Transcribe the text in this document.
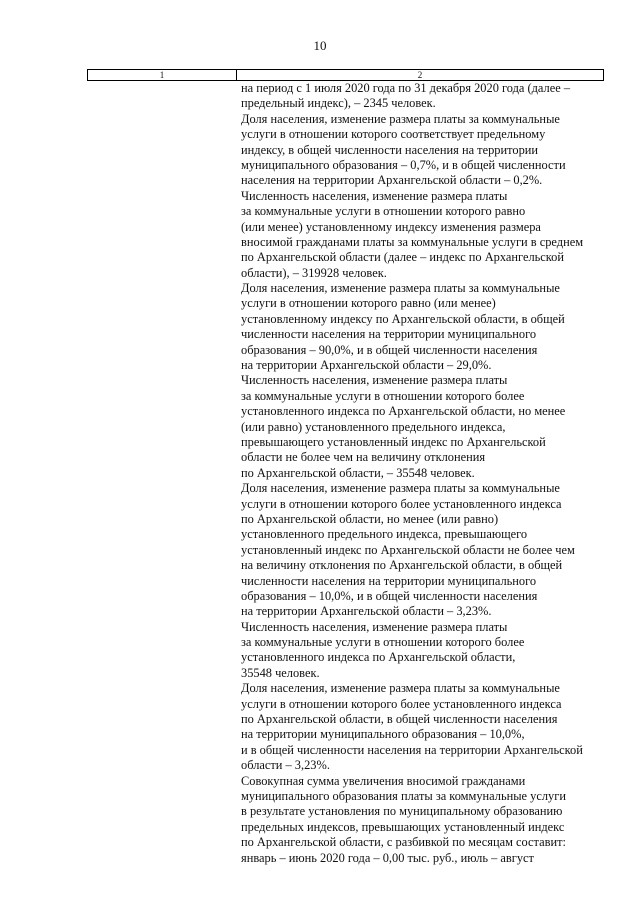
10
1	2
на период с 1 июля 2020 года по 31 декабря 2020 года (далее –
предельный индекс), – 2345 человек.
Доля населения, изменение размера платы за коммунальные
услуги в отношении которого соответствует предельному
индексу, в общей численности населения на территории
муниципального образования – 0,7%, и в общей численности
населения на территории Архангельской области – 0,2%.
Численность населения, изменение размера платы
за коммунальные услуги в отношении которого равно
(или менее) установленному индексу изменения размера
вносимой гражданами платы за коммунальные услуги в среднем
по Архангельской области (далее – индекс по Архангельской
области), – 319928 человек.
Доля населения, изменение размера платы за коммунальные
услуги в отношении которого равно (или менее)
установленному индексу по Архангельской области, в общей
численности населения на территории муниципального
образования – 90,0%, и в общей численности населения
на территории Архангельской области – 29,0%.
Численность населения, изменение размера платы
за коммунальные услуги в отношении которого более
установленного индекса по Архангельской области, но менее
(или равно) установленного предельного индекса,
превышающего установленный индекс по Архангельской
области не более чем на величину отклонения
по Архангельской области, – 35548 человек.
Доля населения, изменение размера платы за коммунальные
услуги в отношении которого более установленного индекса
по Архангельской области, но менее (или равно)
установленного предельного индекса, превышающего
установленный индекс по Архангельской области не более чем
на величину отклонения по Архангельской области, в общей
численности населения на территории муниципального
образования – 10,0%, и в общей численности населения
на территории Архангельской области – 3,23%.
Численность населения, изменение размера платы
за коммунальные услуги в отношении которого более
установленного индекса по Архангельской области,
35548 человек.
Доля населения, изменение размера платы за коммунальные
услуги в отношении которого более установленного индекса
по Архангельской области, в общей численности населения
на территории муниципального образования – 10,0%,
и в общей численности населения на территории Архангельской
области – 3,23%.
Совокупная сумма увеличения вносимой гражданами
муниципального образования платы за коммунальные услуги
в результате установления по муниципальному образованию
предельных индексов, превышающих установленный индекс
по Архангельской области, с разбивкой по месяцам составит:
январь – июнь 2020 года – 0,00 тыс. руб., июль – август
